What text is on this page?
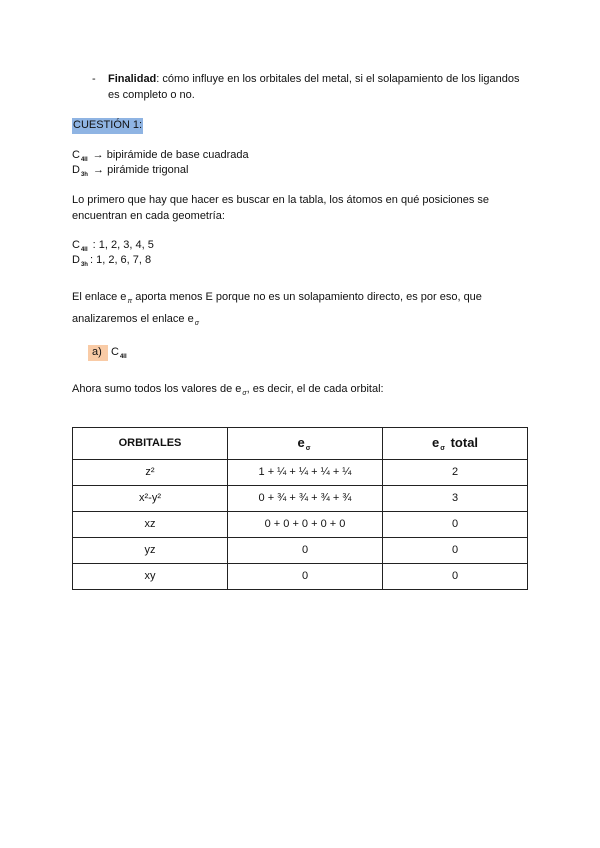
- Finalidad: cómo influye en los orbitales del metal, si el solapamiento de los ligandos es completo o no.
CUESTIÓN 1:
$C_{4II}$ → bipirámide de base cuadrada
$D_{3h}$ → pirámide trigonal
Lo primero que hay que hacer es buscar en la tabla, los átomos en qué posiciones se encuentran en cada geometría:
$C_{4II}$ : 1, 2, 3, 4, 5
$D_{3h}$ : 1, 2, 6, 7, 8
El enlace $e_\pi$ aporta menos E porque no es un solapamiento directo, es por eso, que analizaremos el enlace $e_\sigma$
a) $C_{4II}$
Ahora sumo todos los valores de $e_\sigma$, es decir, el de cada orbital:
ORBITALES	$e_\sigma$	$e_\sigma$ total
z²	1 + ¼ + ¼ + ¼ + ¼	2
x²-y²	0 + ¾ + ¾ + ¾ + ¾	3
xz	0 + 0 + 0 + 0 + 0	0
yz	0	0
xy	0	0
